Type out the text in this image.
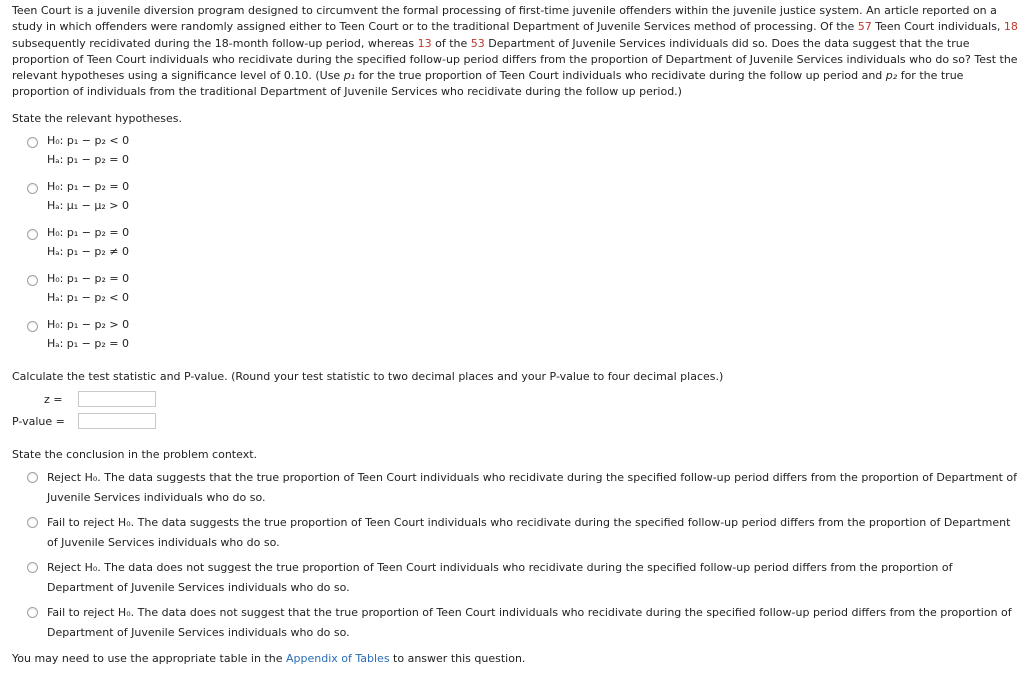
Teen Court is a juvenile diversion program designed to circumvent the formal processing of first-time juvenile offenders within the juvenile justice system. An article reported on a study in which offenders were randomly assigned either to Teen Court or to the traditional Department of Juvenile Services method of processing. Of the 57 Teen Court individuals, 18 subsequently recidivated during the 18-month follow-up period, whereas 13 of the 53 Department of Juvenile Services individuals did so. Does the data suggest that the true proportion of Teen Court individuals who recidivate during the specified follow-up period differs from the proportion of Department of Juvenile Services individuals who do so? Test the relevant hypotheses using a significance level of 0.10. (Use p₁ for the true proportion of Teen Court individuals who recidivate during the follow up period and p₂ for the true proportion of individuals from the traditional Department of Juvenile Services who recidivate during the follow up period.)

State the relevant hypotheses.

H₀: p₁ − p₂ < 0
Hₐ: p₁ − p₂ = 0
H₀: p₁ − p₂ = 0
Hₐ: μ₁ − μ₂ > 0
H₀: p₁ − p₂ = 0
Hₐ: p₁ − p₂ ≠ 0
H₀: p₁ − p₂ = 0
Hₐ: p₁ − p₂ < 0
H₀: p₁ − p₂ > 0
Hₐ: p₁ − p₂ = 0

Calculate the test statistic and P-value. (Round your test statistic to two decimal places and your P-value to four decimal places.)

z =
P-value =

State the conclusion in the problem context.

Reject H₀. The data suggests that the true proportion of Teen Court individuals who recidivate during the specified follow-up period differs from the proportion of Department of Juvenile Services individuals who do so.
Fail to reject H₀. The data suggests the true proportion of Teen Court individuals who recidivate during the specified follow-up period differs from the proportion of Department of Juvenile Services individuals who do so.
Reject H₀. The data does not suggest the true proportion of Teen Court individuals who recidivate during the specified follow-up period differs from the proportion of Department of Juvenile Services individuals who do so.
Fail to reject H₀. The data does not suggest that the true proportion of Teen Court individuals who recidivate during the specified follow-up period differs from the proportion of Department of Juvenile Services individuals who do so.

You may need to use the appropriate table in the Appendix of Tables to answer this question.
